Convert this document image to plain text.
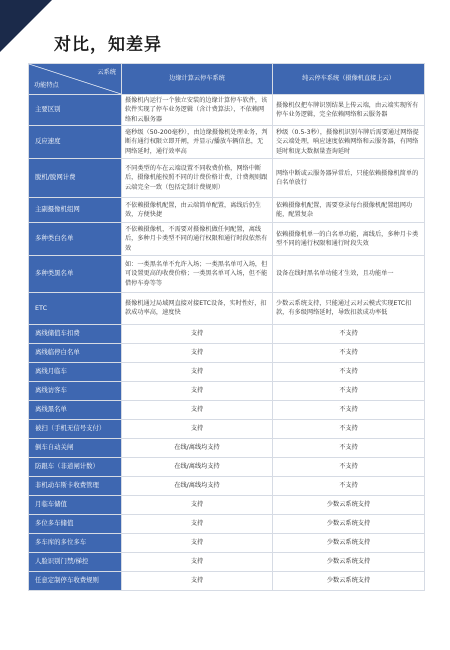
对比，知差异
云系统
功能特点	边缘计算云停车系统	纯云停车系统（摄像机直接上云）
主要区别	摄像机内运行一个独立安装的边缘计算停车软件，该软件实现了停车业务逻辑（含计费算法），不依赖网络和云服务器	摄像机仅把车牌识别结果上传云端，由云端实现所有停车业务逻辑，完全依赖网络和云服务器
反应速度	毫秒级（50-200毫秒），由边缘摄像机处理业务，判断有通行权限立即开闸，并显示/播放车辆信息，无网络延时，通行效率高	秒级（0.5-3秒），摄像机识别车牌后需要通过网络提交云端处理，响应速度依赖网络和云服务器，有网络延时和庞大数据量查询延时
脱机/脱网计费	不同类型的车在云端设置不同收费价格，网络中断后，摄像机能按照不同的计费价格计费，计费规则跟云端完全一致（包括定制计费规则）	网络中断或云服务器异常后，只能依赖摄像机简单的白名单放行
主副摄像机组网	不依赖摄像机配置，由云端简单配置，离线后仍生效，方便快捷	依赖摄像机配置，需要登录每台摄像机配置组网功能，配置复杂
多种类白名单	不依赖摄像机，不需要对摄像机做任何配置，离线后，多种月卡类型不同的通行权限和通行时段依然有效	依赖摄像机单一的白名单功能，离线后，多种月卡类型不同的通行权限和通行时段失效
多种类黑名单	如：一类黑名单不允许入场；一类黑名单可入场，但可设置更高的收费价格；一类黑名单可入场，但不能借停车券等等	设备在线时黑名单功能才生效，且功能单一
ETC	摄像机通过局域网直接对接ETC设备，实时性好，扣款成功率高，速度快	少数云系统支持，只能通过云对云模式实现ETC扣款，有多级网络延时，导致扣款成功率低
离线储值车扣费	支持	不支持
离线临停白名单	支持	不支持
离线月临车	支持	不支持
离线访客车	支持	不支持
离线黑名单	支持	不支持
被扫（手机无信号支付）	支持	不支持
倒车自动关闸	在线/离线均支持	不支持
防跟车（非道闸计数）	在线/离线均支持	不支持
非机动车斯卡收费管理	在线/离线均支持	不支持
月临车储值	支持	少数云系统支持
多位多车储值	支持	少数云系统支持
多车库的多位多车	支持	少数云系统支持
人脸识别门禁/梯控	支持	少数云系统支持
任意定制停车收费规则	支持	少数云系统支持
